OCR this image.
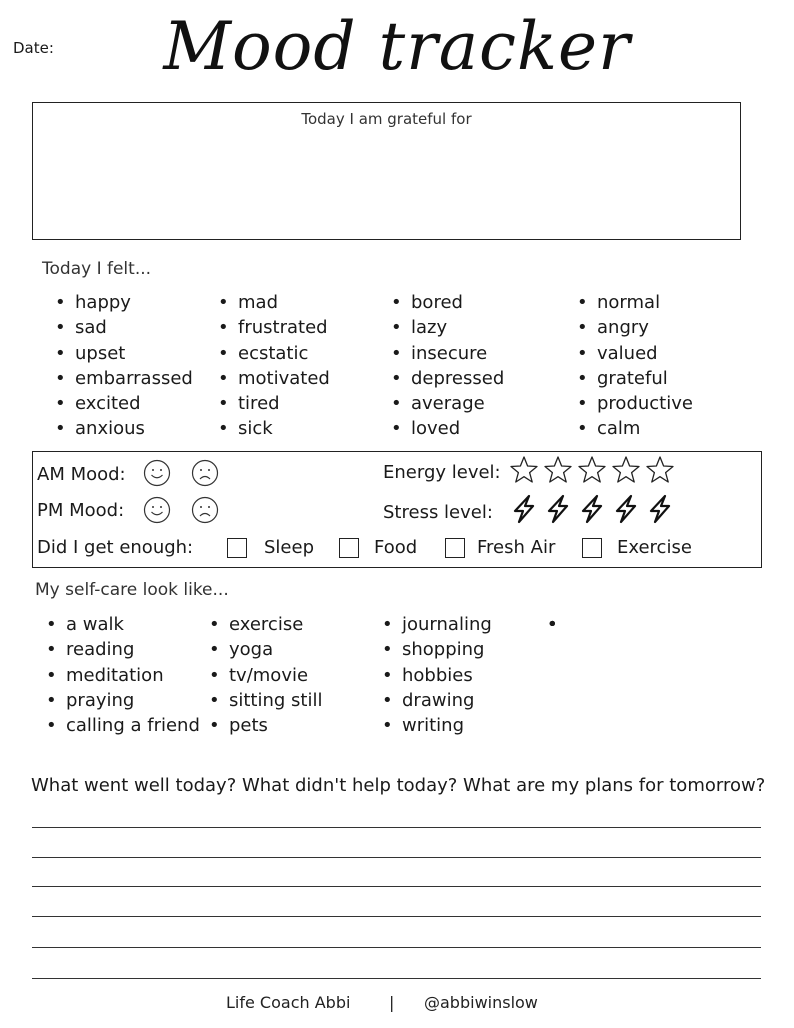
Date:	Mood tracker
Today I am grateful for
Today I felt...
• happy
• sad
• upset
• embarrassed
• excited
• anxious
• mad
• frustrated
• ecstatic
• motivated
• tired
• sick
• bored
• lazy
• insecure
• depressed
• average
• loved
• normal
• angry
• valued
• grateful
• productive
• calm
AM Mood:
PM Mood:
Energy level:
Stress level:
Did I get enough:	Sleep	Food	Fresh Air	Exercise
My self-care look like...
• a walk
• reading
• meditation
• praying
• calling a friend
• exercise
• yoga
• tv/movie
• sitting still
• pets
• journaling
• shopping
• hobbies
• drawing
• writing
What went well today? What didn't help today? What are my plans for tomorrow?
Life Coach Abbi | @abbiwinslow
